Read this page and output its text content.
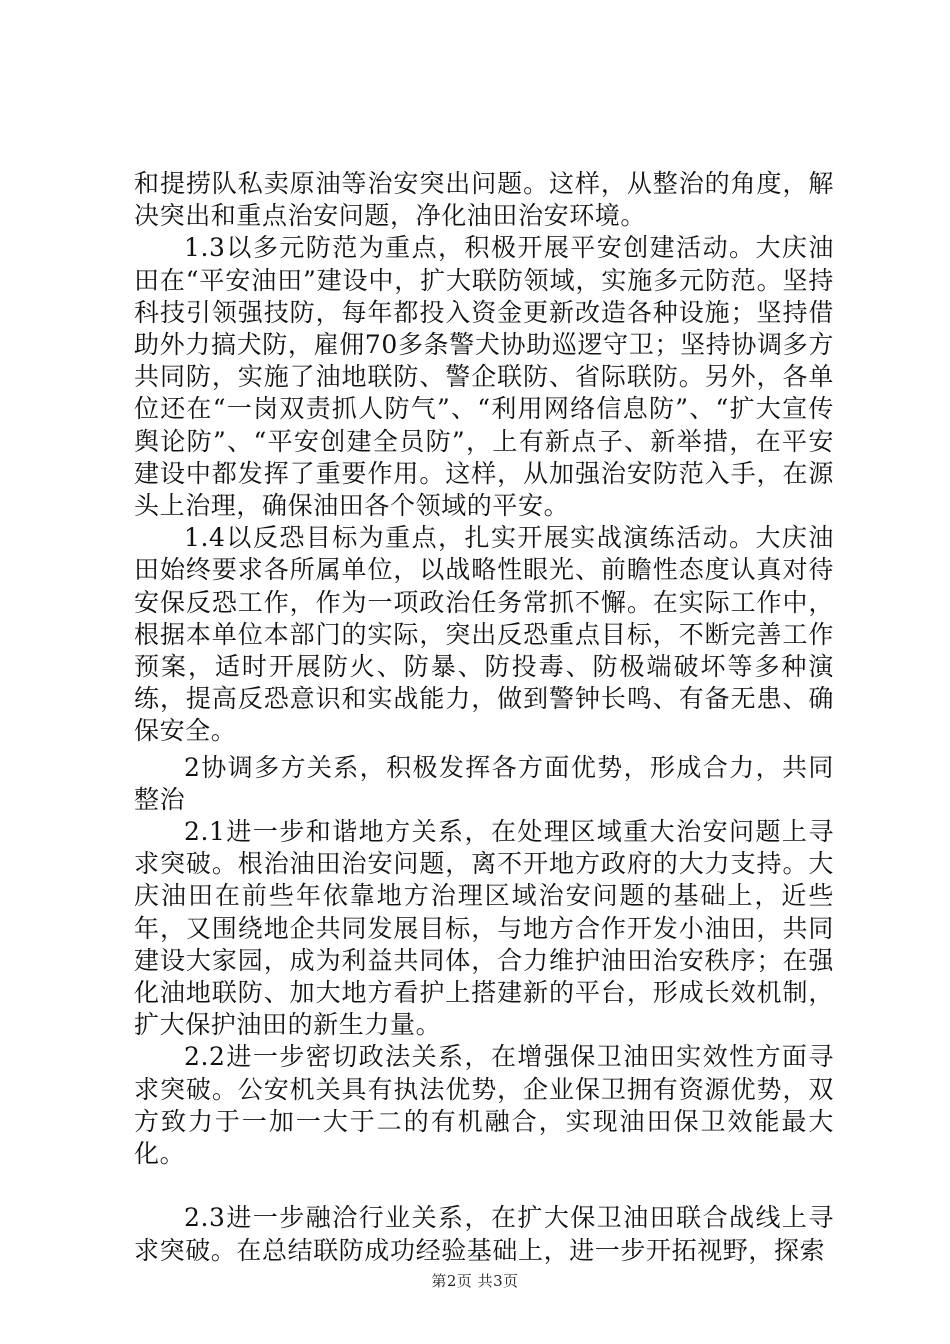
和提捞队私卖原油等治安突出问题。这样，从整治的角度，解决突出和重点治安问题，净化油田治安环境。

1.3以多元防范为重点，积极开展平安创建活动。大庆油田在“平安油田”建设中，扩大联防领域，实施多元防范。坚持科技引领强技防，每年都投入资金更新改造各种设施；坚持借助外力搞犬防，雇佣70多条警犬协助巡逻守卫；坚持协调多方共同防，实施了油地联防、警企联防、省际联防。另外，各单位还在“一岗双责抓人防气”、“利用网络信息防”、“扩大宣传舆论防”、“平安创建全员防”，上有新点子、新举措，在平安建设中都发挥了重要作用。这样，从加强治安防范入手，在源头上治理，确保油田各个领域的平安。

1.4以反恐目标为重点，扎实开展实战演练活动。大庆油田始终要求各所属单位，以战略性眼光、前瞻性态度认真对待安保反恐工作，作为一项政治任务常抓不懈。在实际工作中，根据本单位本部门的实际，突出反恐重点目标，不断完善工作预案，适时开展防火、防暴、防投毒、防极端破坏等多种演练，提高反恐意识和实战能力，做到警钟长鸣、有备无患、确保安全。

2协调多方关系，积极发挥各方面优势，形成合力，共同整治

2.1进一步和谐地方关系，在处理区域重大治安问题上寻求突破。根治油田治安问题，离不开地方政府的大力支持。大庆油田在前些年依靠地方治理区域治安问题的基础上，近些年，又围绕地企共同发展目标，与地方合作开发小油田，共同建设大家园，成为利益共同体，合力维护油田治安秩序；在强化油地联防、加大地方看护上搭建新的平台，形成长效机制，扩大保护油田的新生力量。

2.2进一步密切政法关系，在增强保卫油田实效性方面寻求突破。公安机关具有执法优势，企业保卫拥有资源优势，双方致力于一加一大于二的有机融合，实现油田保卫效能最大化。

2.3进一步融洽行业关系，在扩大保卫油田联合战线上寻求突破。在总结联防成功经验基础上，进一步开拓视野，探索

第2页 共3页
